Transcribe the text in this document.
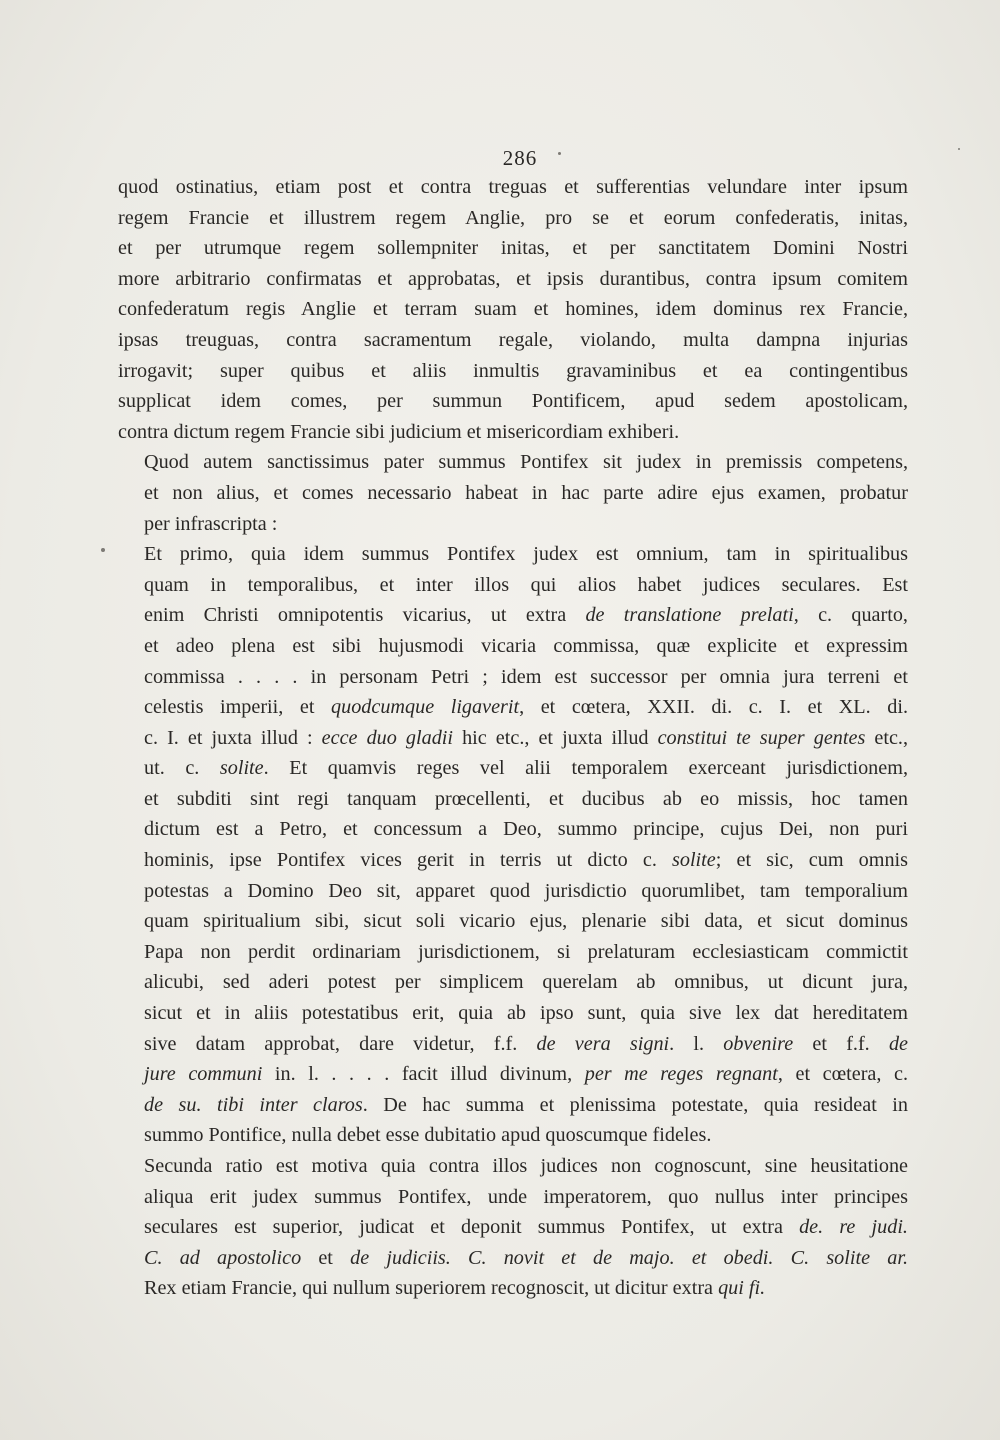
286
quod ostinatius, etiam post et contra treguas et sufferentias velundare inter ipsum
regem Francie et illustrem regem Anglie, pro se et eorum confederatis, initas,
et per utrumque regem sollempniter initas, et per sanctitatem Domini Nostri
more arbitrario confirmatas et approbatas, et ipsis durantibus, contra ipsum comitem
confederatum regis Anglie et terram suam et homines, idem dominus rex Francie,
ipsas treuguas, contra sacramentum regale, violando, multa dampna injurias
irrogavit; super quibus et aliis inmultis gravaminibus et ea contingentibus
supplicat idem comes, per summun Pontificem, apud sedem apostolicam,
contra dictum regem Francie sibi judicium et misericordiam exhiberi.
Quod autem sanctissimus pater summus Pontifex sit judex in premissis competens,
et non alius, et comes necessario habeat in hac parte adire ejus examen, probatur
per infrascripta :
Et primo, quia idem summus Pontifex judex est omnium, tam in spiritualibus
quam in temporalibus, et inter illos qui alios habet judices seculares. Est
enim Christi omnipotentis vicarius, ut extra de translatione prelati, c. quarto,
et adeo plena est sibi hujusmodi vicaria commissa, quæ explicite et expressim
commissa . . . . in personam Petri ; idem est successor per omnia jura terreni et
celestis imperii, et quodcumque ligaverit, et cœtera, XXII. di. c. I. et XL. di.
c. I. et juxta illud : ecce duo gladii hic etc., et juxta illud constitui te super gentes etc.,
ut. c. solite. Et quamvis reges vel alii temporalem exerceant jurisdictionem,
et subditi sint regi tanquam prœcellenti, et ducibus ab eo missis, hoc tamen
dictum est a Petro, et concessum a Deo, summo principe, cujus Dei, non puri
hominis, ipse Pontifex vices gerit in terris ut dicto c. solite; et sic, cum omnis
potestas a Domino Deo sit, apparet quod jurisdictio quorumlibet, tam temporalium
quam spiritualium sibi, sicut soli vicario ejus, plenarie sibi data, et sicut dominus
Papa non perdit ordinariam jurisdictionem, si prelaturam ecclesiasticam commictit
alicubi, sed aderi potest per simplicem querelam ab omnibus, ut dicunt jura,
sicut et in aliis potestatibus erit, quia ab ipso sunt, quia sive lex dat hereditatem
sive datam approbat, dare videtur, f.f. de vera signi. l. obvenire et f.f. de
jure communi in. l. . . . . facit illud divinum, per me reges regnant, et cœtera, c.
de su. tibi inter claros. De hac summa et plenissima potestate, quia resideat in
summo Pontifice, nulla debet esse dubitatio apud quoscumque fideles.
Secunda ratio est motiva quia contra illos judices non cognoscunt, sine heusitatione
aliqua erit judex summus Pontifex, unde imperatorem, quo nullus inter principes
seculares est superior, judicat et deponit summus Pontifex, ut extra de. re judi.
C. ad apostolico et de judiciis. C. novit et de majo. et obedi. C. solite ar.
Rex etiam Francie, qui nullum superiorem recognoscit, ut dicitur extra qui fi.
